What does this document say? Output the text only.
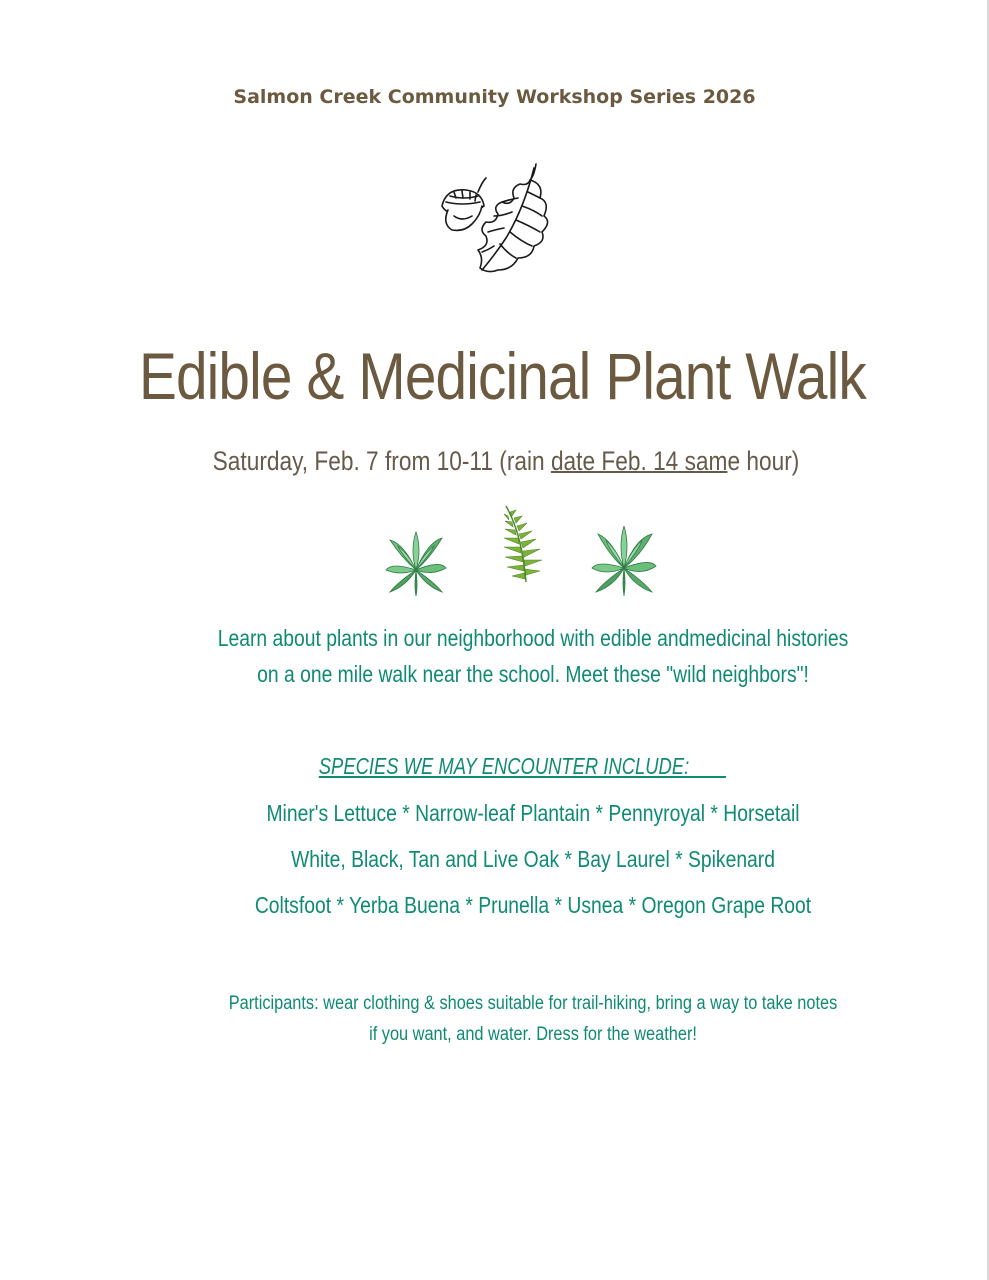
Salmon Creek Community Workshop Series 2026
Edible & Medicinal Plant Walk
Saturday, Feb. 7 from 10-11 (rain date Feb. 14 same hour)
Learn about plants in our neighborhood with edible andmedicinal histories
on a one mile walk near the school. Meet these "wild neighbors"!
SPECIES WE MAY ENCOUNTER INCLUDE:  
Miner's Lettuce * Narrow-leaf Plantain * Pennyroyal * Horsetail
White, Black, Tan and Live Oak * Bay Laurel * Spikenard
Coltsfoot * Yerba Buena * Prunella * Usnea * Oregon Grape Root
Participants: wear clothing & shoes suitable for trail-hiking, bring a way to take notes
if you want, and water. Dress for the weather!
